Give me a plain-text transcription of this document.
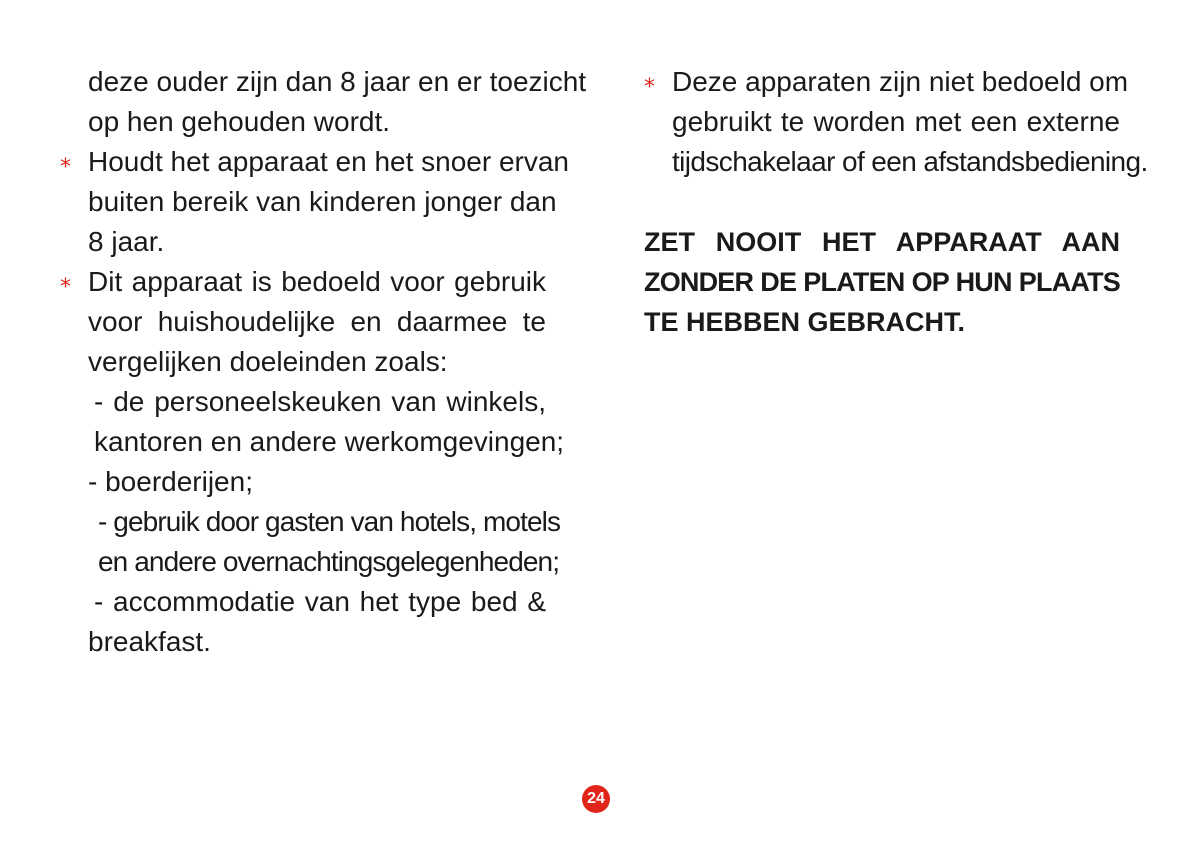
deze ouder zijn dan 8 jaar en er toezicht
op hen gehouden wordt.
* Houdt het apparaat en het snoer ervan
buiten bereik van kinderen jonger dan
8 jaar.
* Dit apparaat is bedoeld voor gebruik
voor huishoudelijke en daarmee te
vergelijken doeleinden zoals:
- de personeelskeuken van winkels,
kantoren en andere werkomgevingen;
- boerderijen;
- gebruik door gasten van hotels, motels
en andere overnachtingsgelegenheden;
- accommodatie van het type bed &
breakfast.
* Deze apparaten zijn niet bedoeld om
gebruikt te worden met een externe
tijdschakelaar of een afstandsbediening.
ZET NOOIT HET APPARAAT AAN
ZONDER DE PLATEN OP HUN PLAATS
TE HEBBEN GEBRACHT.
24
